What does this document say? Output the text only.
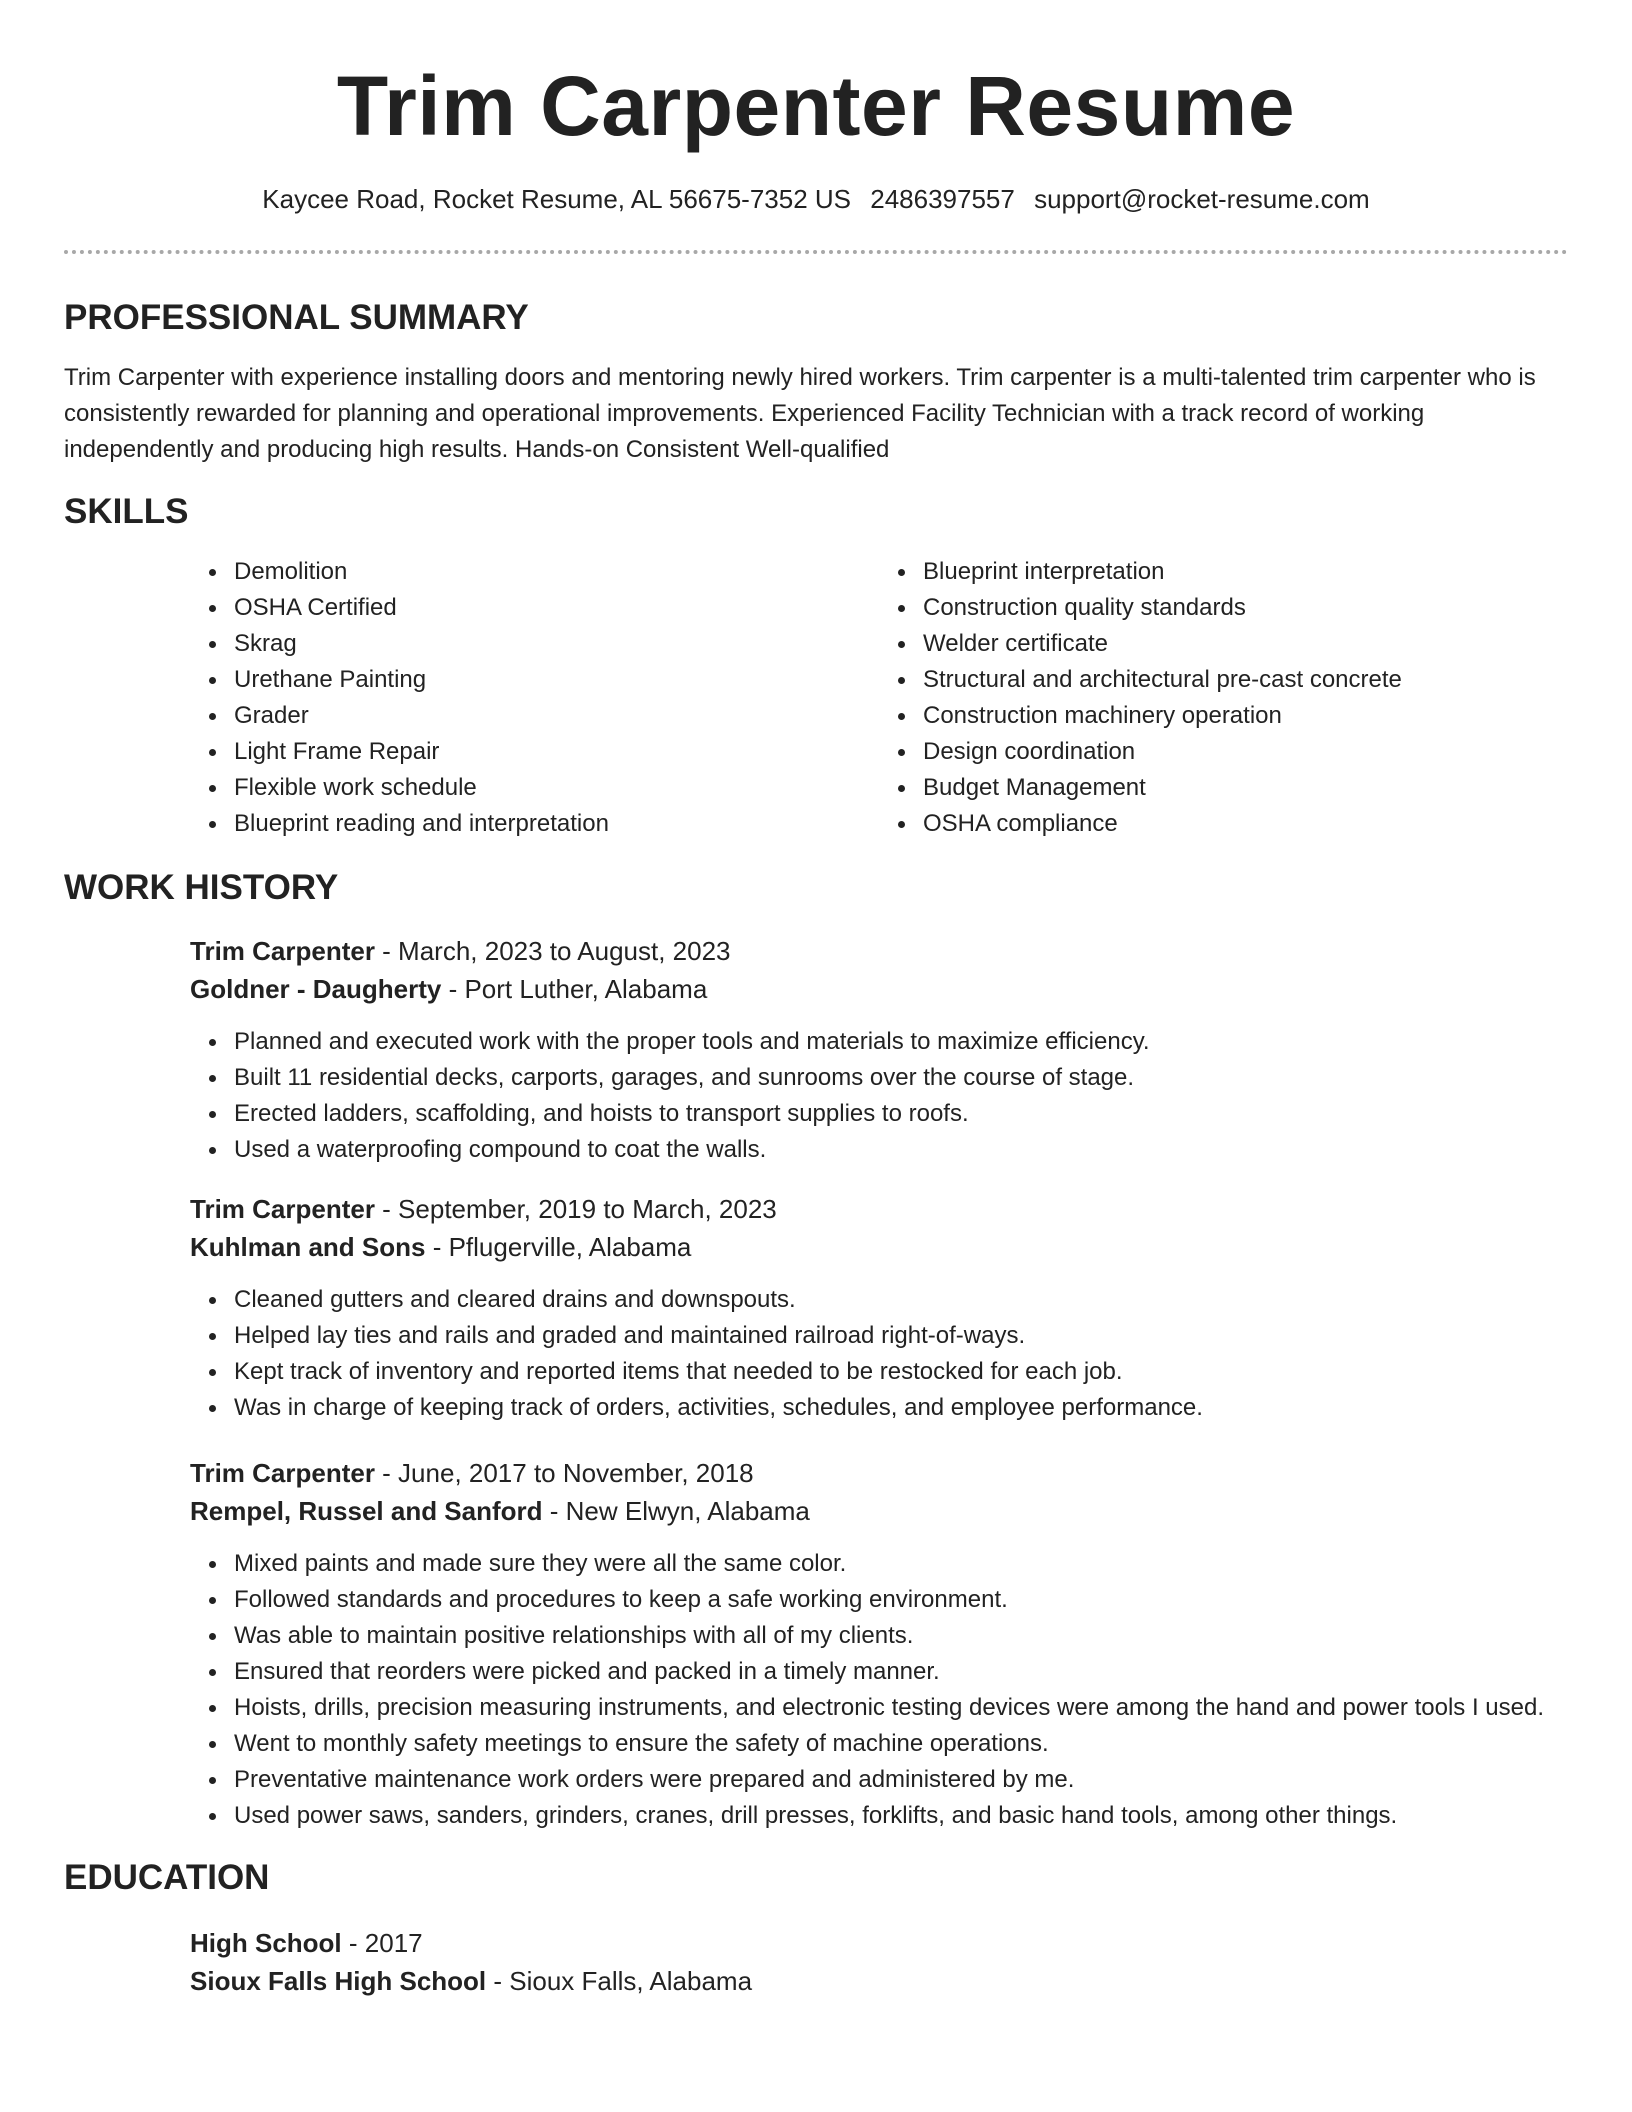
Trim Carpenter Resume
Kaycee Road, Rocket Resume, AL 56675-7352 US 2486397557 support@rocket-resume.com
PROFESSIONAL SUMMARY

Trim Carpenter with experience installing doors and mentoring newly hired workers. Trim carpenter is a multi-talented trim carpenter who is consistently rewarded for planning and operational improvements. Experienced Facility Technician with a track record of working independently and producing high results. Hands-on Consistent Well-qualified

SKILLS
Demolition
OSHA Certified
Skrag
Urethane Painting
Grader
Light Frame Repair
Flexible work schedule
Blueprint reading and interpretation
Blueprint interpretation
Construction quality standards
Welder certificate
Structural and architectural pre-cast concrete
Construction machinery operation
Design coordination
Budget Management
OSHA compliance
WORK HISTORY
Trim Carpenter - March, 2023 to August, 2023
Goldner - Daugherty - Port Luther, Alabama
Planned and executed work with the proper tools and materials to maximize efficiency.
Built 11 residential decks, carports, garages, and sunrooms over the course of stage.
Erected ladders, scaffolding, and hoists to transport supplies to roofs.
Used a waterproofing compound to coat the walls.
Trim Carpenter - September, 2019 to March, 2023
Kuhlman and Sons - Pflugerville, Alabama
Cleaned gutters and cleared drains and downspouts.
Helped lay ties and rails and graded and maintained railroad right-of-ways.
Kept track of inventory and reported items that needed to be restocked for each job.
Was in charge of keeping track of orders, activities, schedules, and employee performance.
Trim Carpenter - June, 2017 to November, 2018
Rempel, Russel and Sanford - New Elwyn, Alabama
Mixed paints and made sure they were all the same color.
Followed standards and procedures to keep a safe working environment.
Was able to maintain positive relationships with all of my clients.
Ensured that reorders were picked and packed in a timely manner.
Hoists, drills, precision measuring instruments, and electronic testing devices were among the hand and power tools I used.
Went to monthly safety meetings to ensure the safety of machine operations.
Preventative maintenance work orders were prepared and administered by me.
Used power saws, sanders, grinders, cranes, drill presses, forklifts, and basic hand tools, among other things.
EDUCATION
High School - 2017
Sioux Falls High School - Sioux Falls, Alabama
